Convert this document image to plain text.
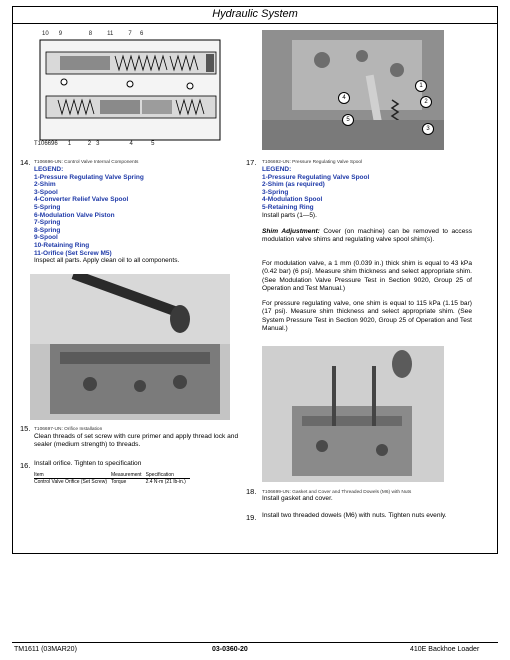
Hydraulic System
10 9	8	11	7 6
T106696 1	2 3	4	5
1
2
3
4
5
14. T106696-UN: Control Valve Internal Components
LEGEND:
1-Pressure Regulating Valve Spring
2-Shim
3-Spool
4-Converter Relief Valve Spool
5-Spring
6-Modulation Valve Piston
7-Spring
8-Spring
9-Spool
10-Retaining Ring
11-Orifice (Set Screw M5)
Inspect all parts. Apply clean oil to all components.
17. T106692-UN: Pressure Regulating Valve Spool
LEGEND:
1-Pressure Regulating Valve Spool
2-Shim (as required)
3-Spring
4-Modulation Spool
5-Retaining Ring
Install parts (1—5).
Shim Adjustment: Cover (on machine) can be removed to access modulation valve shims and regulating valve spool shim(s).
For modulation valve, a 1 mm (0.039 in.) thick shim is equal to 43 kPa (0.42 bar) (6 psi). Measure shim thickness and select appropriate shim. (See Modulation Valve Pressure Test in Section 9020, Group 25 of Operation and Test Manual.)
For pressure regulating valve, one shim is equal to 115 kPa (1.15 bar) (17 psi). Measure shim thickness and select appropriate shim. (See System Pressure Test in Section 9020, Group 25 of Operation and Test Manual.)
15. T106697-UN: Orifice Installation
Clean threads of set screw with cure primer and apply thread lock and sealer (medium strength) to threads.
16. Install orifice. Tighten to specification
Item	Measurement	Specification
Control Valve Orifice (Set Screw)	Torque	2.4 N·m (21 lb-in.)
18. T106699-UN: Gasket and Cover and Threaded Dowels (M6) with Nuts
Install gasket and cover.
19. Install two threaded dowels (M6) with nuts. Tighten nuts evenly.
TM1611 (03MAR20)	03-0360-20	410E Backhoe Loader
